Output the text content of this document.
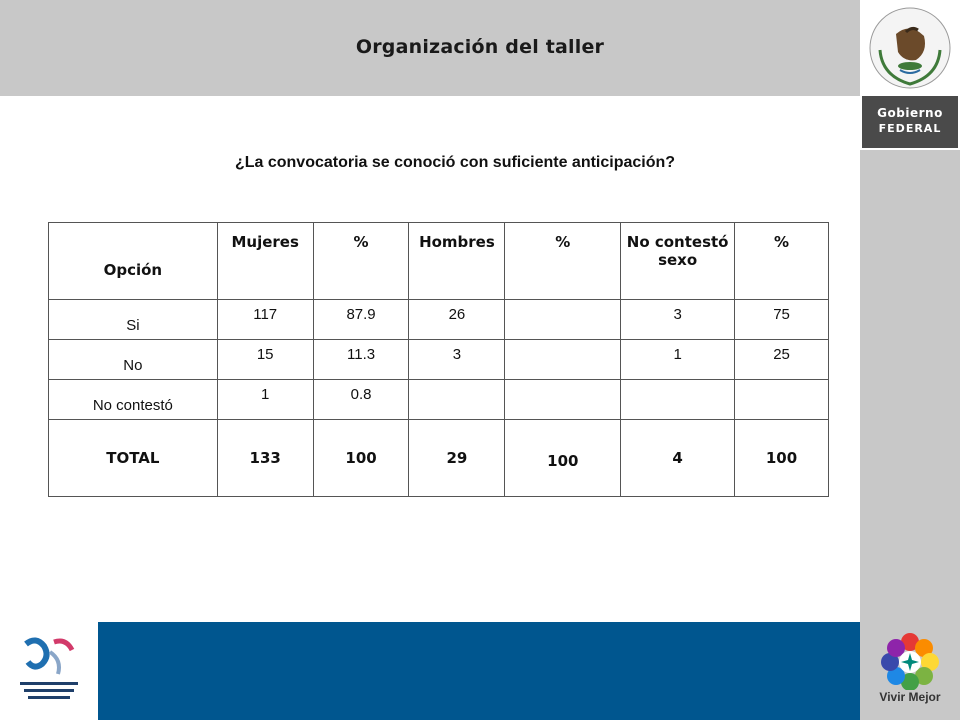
Gobierno
FEDERAL
Organización del taller
¿La convocatoria se conoció con suficiente anticipación?
Opción	Mujeres	%	Hombres	%	No contestó sexo	%
Si	117	87.9	26		3	75
No	15	11.3	3		1	25
No contestó	1	0.8				
TOTAL	133	100	29	100	4	100
Vivir Mejor
